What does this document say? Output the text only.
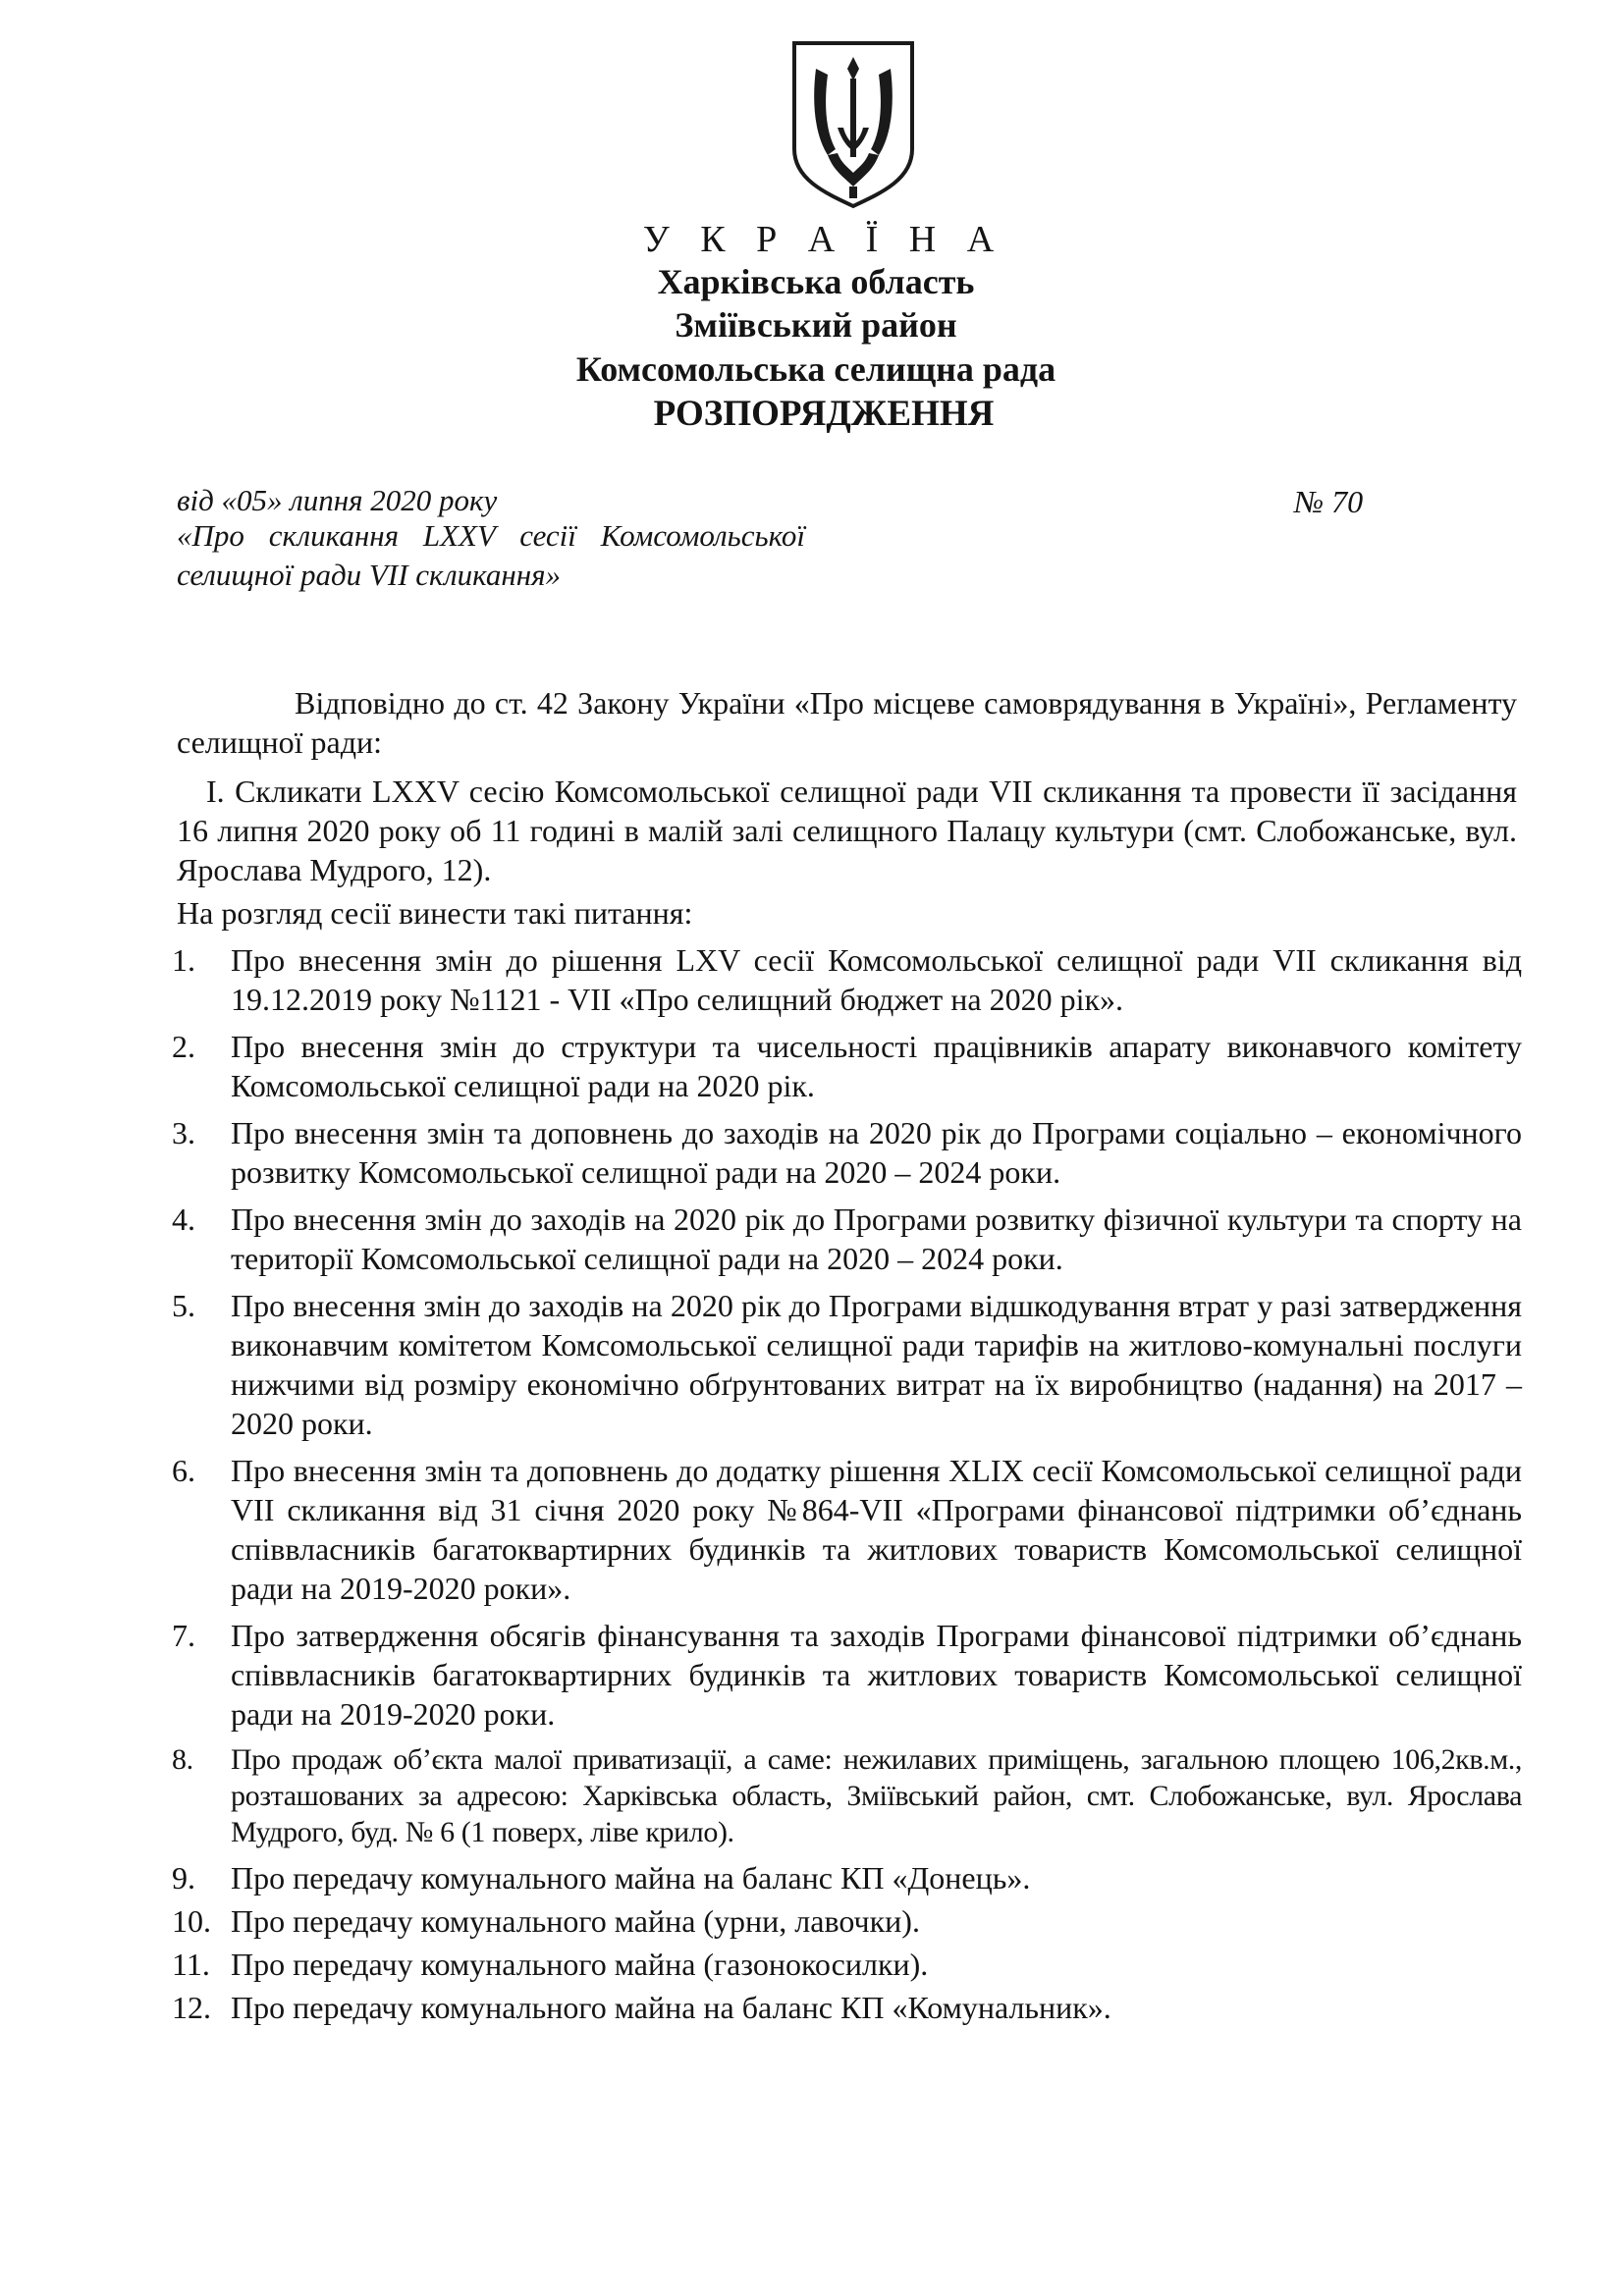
У К Р А Ї Н А
Харківська область
Зміївський район
Комсомольська селищна рада
РОЗПОРЯДЖЕННЯ
від «05» липня 2020 року	№ 70
«Про скликання LXXV сесії Комсомольської селищної ради VII скликання»
Відповідно до ст. 42 Закону України «Про місцеве самоврядування в Україні», Регламенту селищної ради:
І. Скликати LXXV сесію Комсомольської селищної ради VII скликання та провести її засідання 16 липня 2020 року об 11 годині в малій залі селищного Палацу культури (смт. Слобожанське, вул. Ярослава Мудрого, 12).
На розгляд сесії винести такі питання:
1. Про внесення змін до рішення LXV сесії Комсомольської селищної ради VII скликання від 19.12.2019 року №1121 - VII «Про селищний бюджет на 2020 рік».
2. Про внесення змін до структури та чисельності працівників апарату виконавчого комітету Комсомольської селищної ради на 2020 рік.
3. Про внесення змін та доповнень до заходів на 2020 рік до Програми соціально – економічного розвитку Комсомольської селищної ради на 2020 – 2024 роки.
4. Про внесення змін до заходів на 2020 рік до Програми розвитку фізичної культури та спорту на території Комсомольської селищної ради на 2020 – 2024 роки.
5. Про внесення змін до заходів на 2020 рік до Програми відшкодування втрат у разі затвердження виконавчим комітетом Комсомольської селищної ради тарифів на житлово-комунальні послуги нижчими від розміру економічно обґрунтованих витрат на їх виробництво (надання) на 2017 – 2020 роки.
6. Про внесення змін та доповнень до додатку рішення XLIX сесії Комсомольської селищної ради VII скликання від 31 січня 2020 року №864-VII «Програми фінансової підтримки об’єднань співвласників багатоквартирних будинків та житлових товариств Комсомольської селищної ради на 2019-2020 роки».
7. Про затвердження обсягів фінансування та заходів Програми фінансової підтримки об’єднань співвласників багатоквартирних будинків та житлових товариств Комсомольської селищної ради на 2019-2020 роки.
8. Про продаж об’єкта малої приватизації, а саме: нежилавих приміщень, загальною площею 106,2кв.м., розташованих за адресою: Харківська область, Зміївський район, смт. Слобожанське, вул. Ярослава Мудрого, буд. № 6 (1 поверх, ліве крило).
9. Про передачу комунального майна на баланс КП «Донець».
10. Про передачу комунального майна (урни, лавочки).
11. Про передачу комунального майна (газонокосилки).
12. Про передачу комунального майна на баланс КП «Комунальник».
